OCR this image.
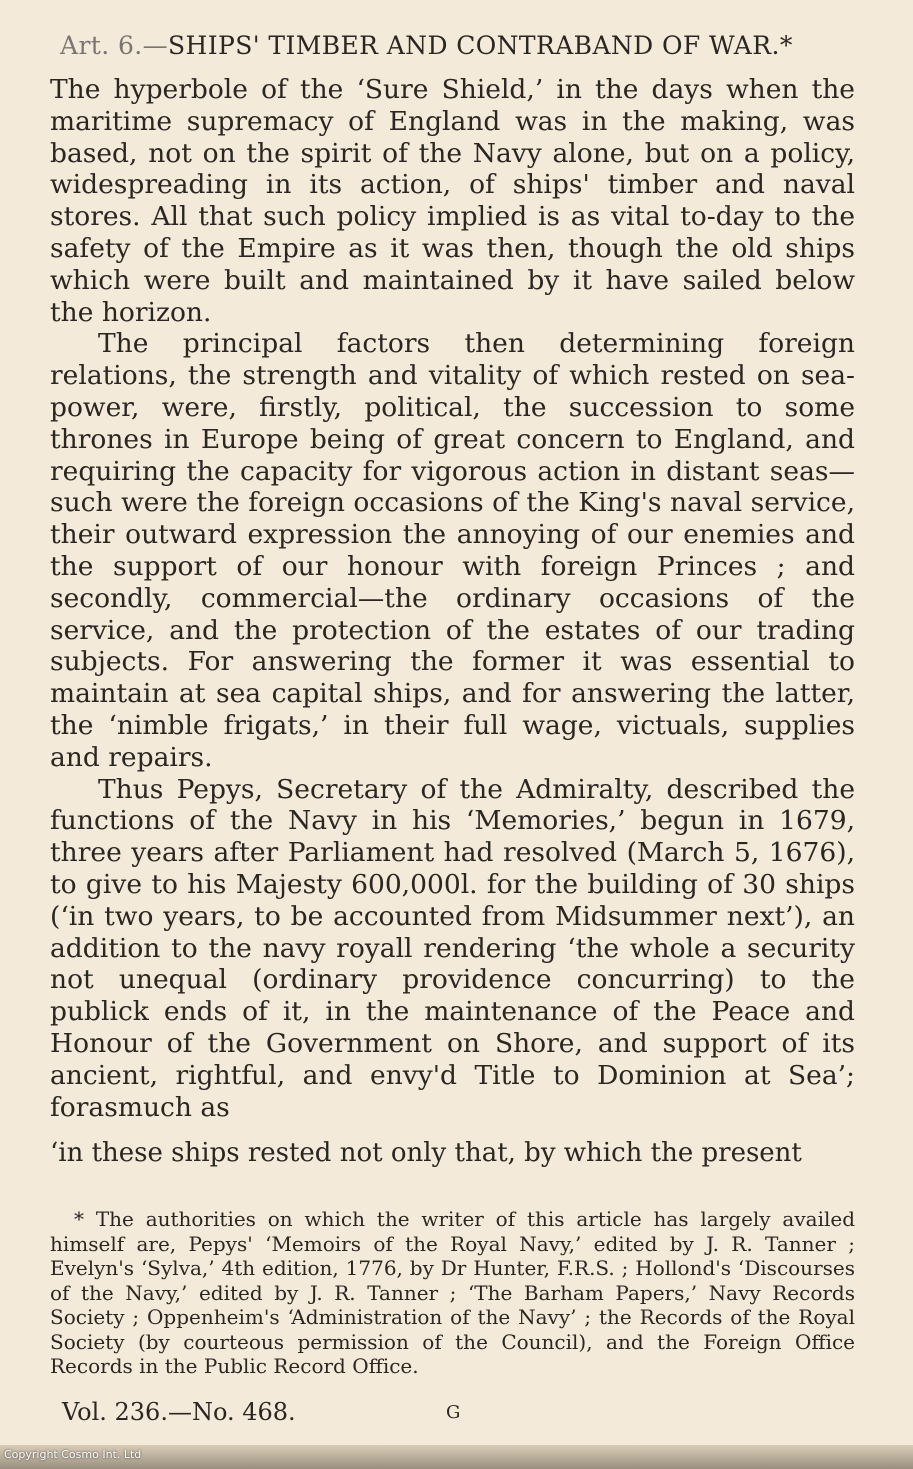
Art. 6.—SHIPS' TIMBER AND CONTRABAND OF WAR.*

The hyperbole of the ‘Sure Shield,’ in the days when the maritime supremacy of England was in the making, was based, not on the spirit of the Navy alone, but on a policy, widespreading in its action, of ships' timber and naval stores. All that such policy implied is as vital to-day to the safety of the Empire as it was then, though the old ships which were built and maintained by it have sailed below the horizon.

The principal factors then determining foreign relations, the strength and vitality of which rested on sea-power, were, firstly, political, the succession to some thrones in Europe being of great concern to England, and requiring the capacity for vigorous action in distant seas—such were the foreign occasions of the King's naval service, their outward expression the annoying of our enemies and the support of our honour with foreign Princes ; and secondly, commercial—the ordinary occasions of the service, and the protection of the estates of our trading subjects. For answering the former it was essential to maintain at sea capital ships, and for answering the latter, the ‘nimble frigats,’ in their full wage, victuals, supplies and repairs.

Thus Pepys, Secretary of the Admiralty, described the functions of the Navy in his ‘Memories,’ begun in 1679, three years after Parliament had resolved (March 5, 1676), to give to his Majesty 600,000l. for the building of 30 ships (‘in two years, to be accounted from Midsummer next’), an addition to the navy royall rendering ‘the whole a security not unequal (ordinary providence concurring) to the publick ends of it, in the maintenance of the Peace and Honour of the Government on Shore, and support of its ancient, rightful, and envy'd Title to Dominion at Sea’; forasmuch as

‘in these ships rested not only that, by which the present

* The authorities on which the writer of this article has largely availed himself are, Pepys' ‘Memoirs of the Royal Navy,’ edited by J. R. Tanner ; Evelyn's ‘Sylva,’ 4th edition, 1776, by Dr Hunter, F.R.S. ; Hollond's ‘Discourses of the Navy,’ edited by J. R. Tanner ; ‘The Barham Papers,’ Navy Records Society ; Oppenheim's ‘Administration of the Navy’ ; the Records of the Royal Society (by courteous permission of the Council), and the Foreign Office Records in the Public Record Office.

Vol. 236.—No. 468.	G
Copyright Cosmo Int. Ltd
